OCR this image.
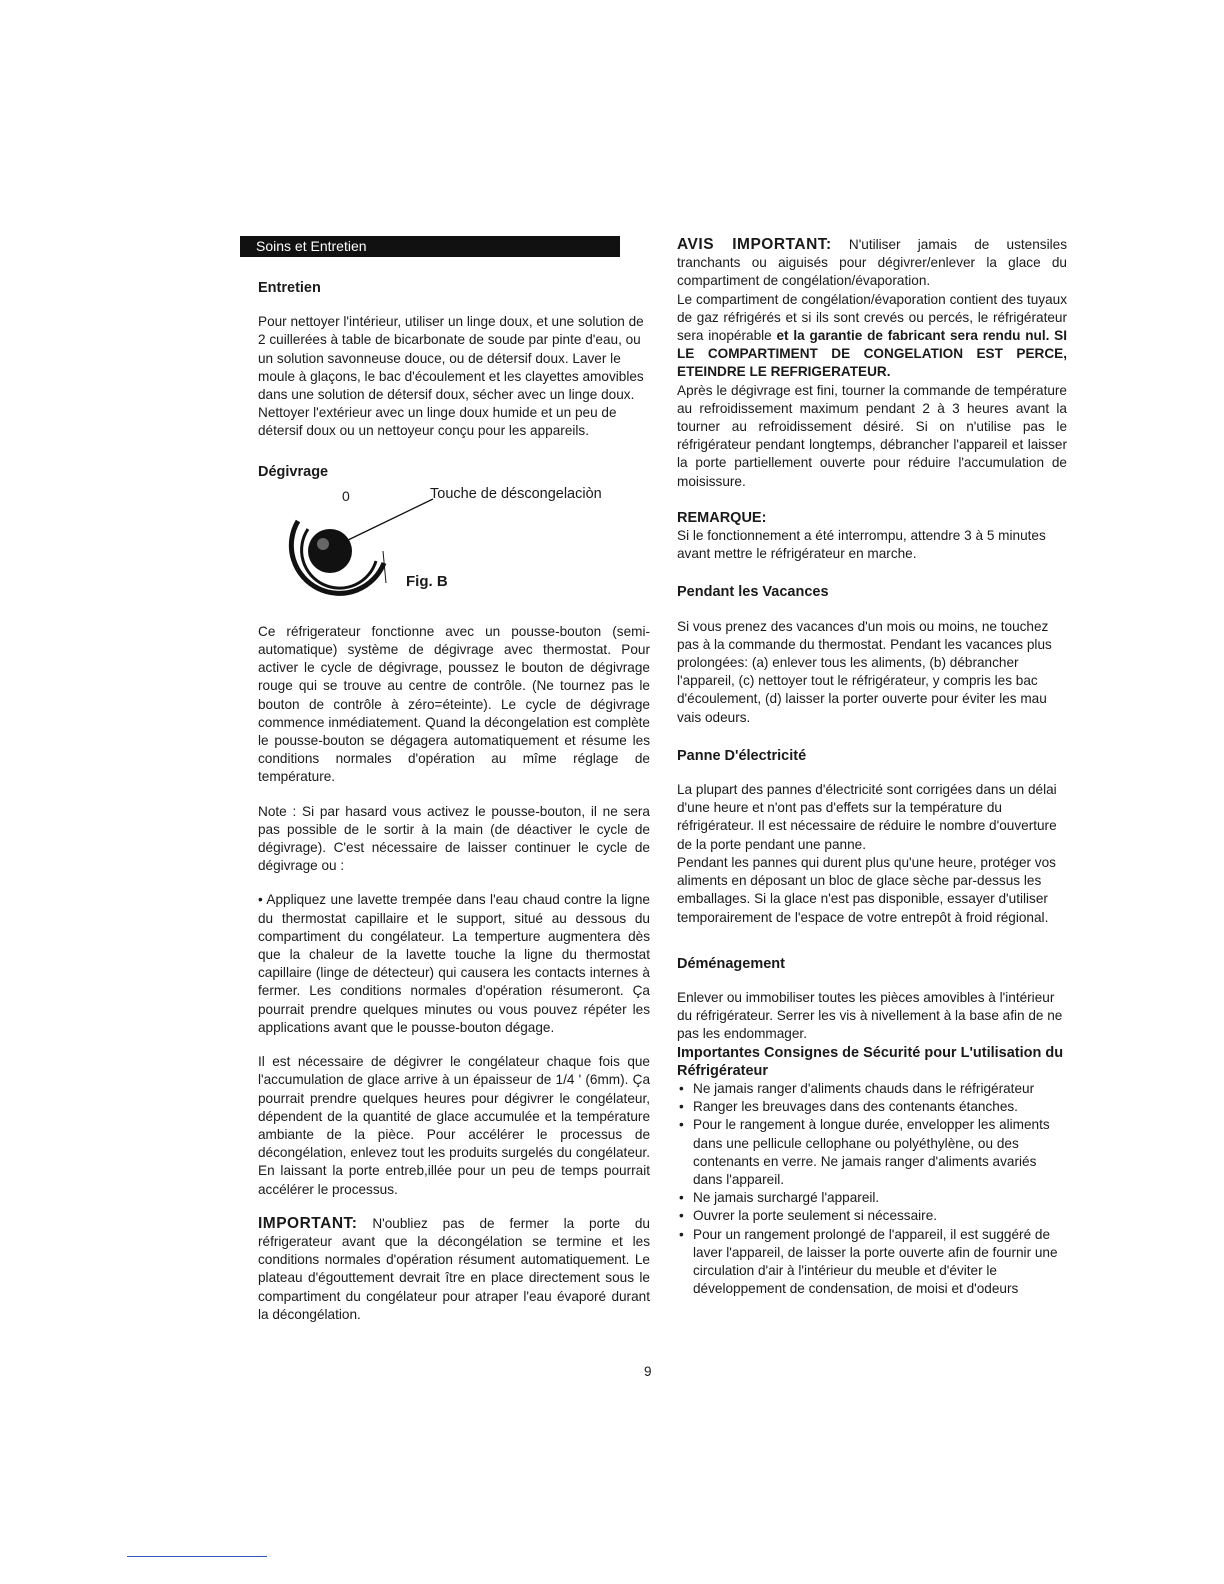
Soins et Entretien
Entretien

Pour nettoyer l'intérieur, utiliser un linge doux, et une solution de 2 cuillerées à table de bicarbonate de soude par pinte d'eau, ou un solution savonneuse douce, ou de détersif doux. Laver le moule à glaçons, le bac d'écoulement et les clayettes amovibles dans une solution de détersif doux, sécher avec un linge doux. Nettoyer l'extérieur avec un linge doux humide et un peu de détersif doux ou un nettoyeur conçu pour les appareils.

Dégivrage
0	Touche de déscongelaciòn
Fig. B

Ce réfrigerateur fonctionne avec un pousse-bouton (semi-automatique) système de dégivrage avec thermostat. Pour activer le cycle de dégivrage, poussez le bouton de dégivrage rouge qui se trouve au centre de contrôle. (Ne tournez pas le bouton de contrôle à zéro=éteinte). Le cycle de dégivrage commence inmédiatement. Quand la décongelation est complète le pousse-bouton se dégagera automatiquement et résume les conditions normales d'opération au mîme réglage de température.

Note : Si par hasard vous activez le pousse-bouton, il ne sera pas possible de le sortir à la main (de déactiver le cycle de dégivrage). C'est nécessaire de laisser continuer le cycle de dégivrage ou :

• Appliquez une lavette trempée dans l'eau chaud contre la ligne du thermostat capillaire et le support, situé au dessous du compartiment du congélateur. La temperture augmentera dès que la chaleur de la lavette touche la ligne du thermostat capillaire (linge de détecteur) qui causera les contacts internes à fermer. Les conditions normales d'opération résumeront. Ça pourrait prendre quelques minutes ou vous pouvez répéter les applications avant que le pousse-bouton dégage.

Il est nécessaire de dégivrer le congélateur chaque fois que l'accumulation de glace arrive à un épaisseur de 1/4 ' (6mm). Ça pourrait prendre quelques heures pour dégivrer le congélateur, dépendent de la quantité de glace accumulée et la température ambiante de la pièce. Pour accélérer le processus de décongélation, enlevez tout les produits surgelés du congélateur. En laissant la porte entreb,illée pour un peu de temps pourrait accélérer le processus.

IMPORTANT: N'oubliez pas de fermer la porte du réfrigerateur avant que la décongélation se termine et les conditions normales d'opération résument automatiquement. Le plateau d'égouttement devrait ître en place directement sous le compartiment du congélateur pour atraper l'eau évaporé durant la décongélation.

AVIS IMPORTANT: N'utiliser jamais de ustensiles tranchants ou aiguisés pour dégivrer/enlever la glace du compartiment de congélation/évaporation.

Le compartiment de congélation/évaporation contient des tuyaux de gaz réfrigérés et si ils sont crevés ou percés, le réfrigérateur sera inopérable et la garantie de fabricant sera rendu nul. SI LE COMPARTIMENT DE CONGELATION EST PERCE, ETEINDRE LE REFRIGERATEUR.

Après le dégivrage est fini, tourner la commande de température au refroidissement maximum pendant 2 à 3 heures avant la tourner au refroidissement désiré. Si on n'utilise pas le réfrigérateur pendant longtemps, débrancher l'appareil et laisser la porte partiellement ouverte pour réduire l'accumulation de moisissure.

REMARQUE:

Si le fonctionnement a été interrompu, attendre 3 à 5 minutes avant mettre le réfrigérateur en marche.

Pendant les Vacances

Si vous prenez des vacances d'un mois ou moins, ne touchez pas à la commande du thermostat. Pendant les vacances plus prolongées: (a) enlever tous les aliments, (b) débrancher l'appareil, (c) nettoyer tout le réfrigérateur, y compris les bac d'écoulement, (d) laisser la porter ouverte pour éviter les mau vais odeurs.

Panne D'électricité

La plupart des pannes d'électricité sont corrigées dans un délai d'une heure et n'ont pas d'effets sur la température du réfrigérateur. Il est nécessaire de réduire le nombre d'ouverture de la porte pendant une panne.

Pendant les pannes qui durent plus qu'une heure, protéger vos aliments en déposant un bloc de glace sèche par-dessus les emballages. Si la glace n'est pas disponible, essayer d'utiliser temporairement de l'espace de votre entrepôt à froid régional.

Déménagement

Enlever ou immobiliser toutes les pièces amovibles à l'intérieur du réfrigérateur. Serrer les vis à nivellement à la base afin de ne pas les endommager.

Importantes Consignes de Sécurité pour L'utilisation du Réfrigérateur
• Ne jamais ranger d'aliments chauds dans le réfrigérateur
• Ranger les breuvages dans des contenants étanches.
• Pour le rangement à longue durée, envelopper les aliments dans une pellicule cellophane ou polyéthylène, ou des contenants en verre. Ne jamais ranger d'aliments avariés dans l'appareil.
• Ne jamais surchargé l'appareil.
• Ouvrer la porte seulement si nécessaire.
• Pour un rangement prolongé de l'appareil, il est suggéré de laver l'appareil, de laisser la porte ouverte afin de fournir une circulation d'air à l'intérieur du meuble et d'éviter le développement de condensation, de moisi et d'odeurs
9
